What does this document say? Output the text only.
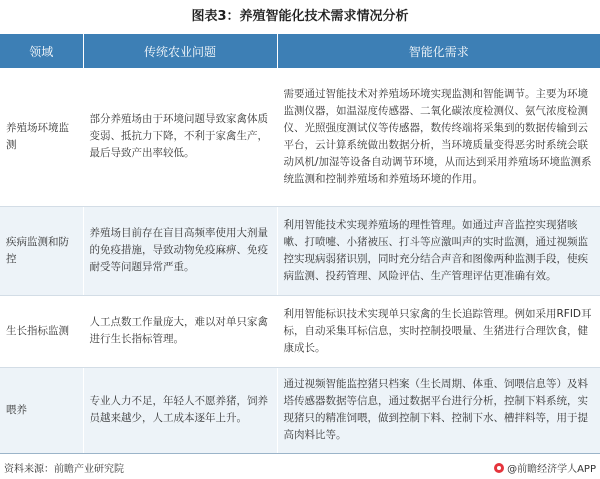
图表3：养殖智能化技术需求情况分析
领域	传统农业问题	智能化需求
养殖场环境监测	部分养殖场由于环境问题导致家禽体质变弱、抵抗力下降，不利于家禽生产，最后导致产出率较低。	需要通过智能技术对养殖场环境实现监测和智能调节。主要为环境监测仪器，如温湿度传感器、二氧化碳浓度检测仪、氨气浓度检测仪、光照强度测试仪等传感器，数传终端将采集到的数据传输到云平台，云计算系统做出数据分析，当环境质量变得恶劣时系统会联动风机/加湿等设备自动调节环境，从而达到采用养殖场环境监测系统监测和控制养殖场和养殖场环境的作用。
疾病监测和防控	养殖场目前存在盲目高频率使用大剂量的免疫措施，导致动物免疫麻痹、免疫耐受等问题异常严重。	利用智能技术实现养殖场的理性管理。如通过声音监控实现猪咳嗽、打喷嚏、小猪被压、打斗等应激叫声的实时监测，通过视频监控实现病弱猪识别，同时充分结合声音和图像两种监测手段，使疾病监测、投药管理、风险评估、生产管理评估更准确有效。
生长指标监测	人工点数工作量庞大，难以对单只家禽进行生长指标管理。	利用智能标识技术实现单只家禽的生长追踪管理。例如采用RFID耳标，自动采集耳标信息，实时控制投喂量、生猪进行合理饮食，健康成长。
喂养	专业人力不足，年轻人不愿养猪，饲养员越来越少，人工成本逐年上升。	通过视频智能监控猪只档案（生长周期、体重、饲喂信息等）及料塔传感器数据等信息，通过数据平台进行分析，控制下料系统，实现猪只的精准饲喂，做到控制下料、控制下水、槽拌料等，用于提高肉料比等。
资料来源：前瞻产业研究院	@前瞻经济学人APP
